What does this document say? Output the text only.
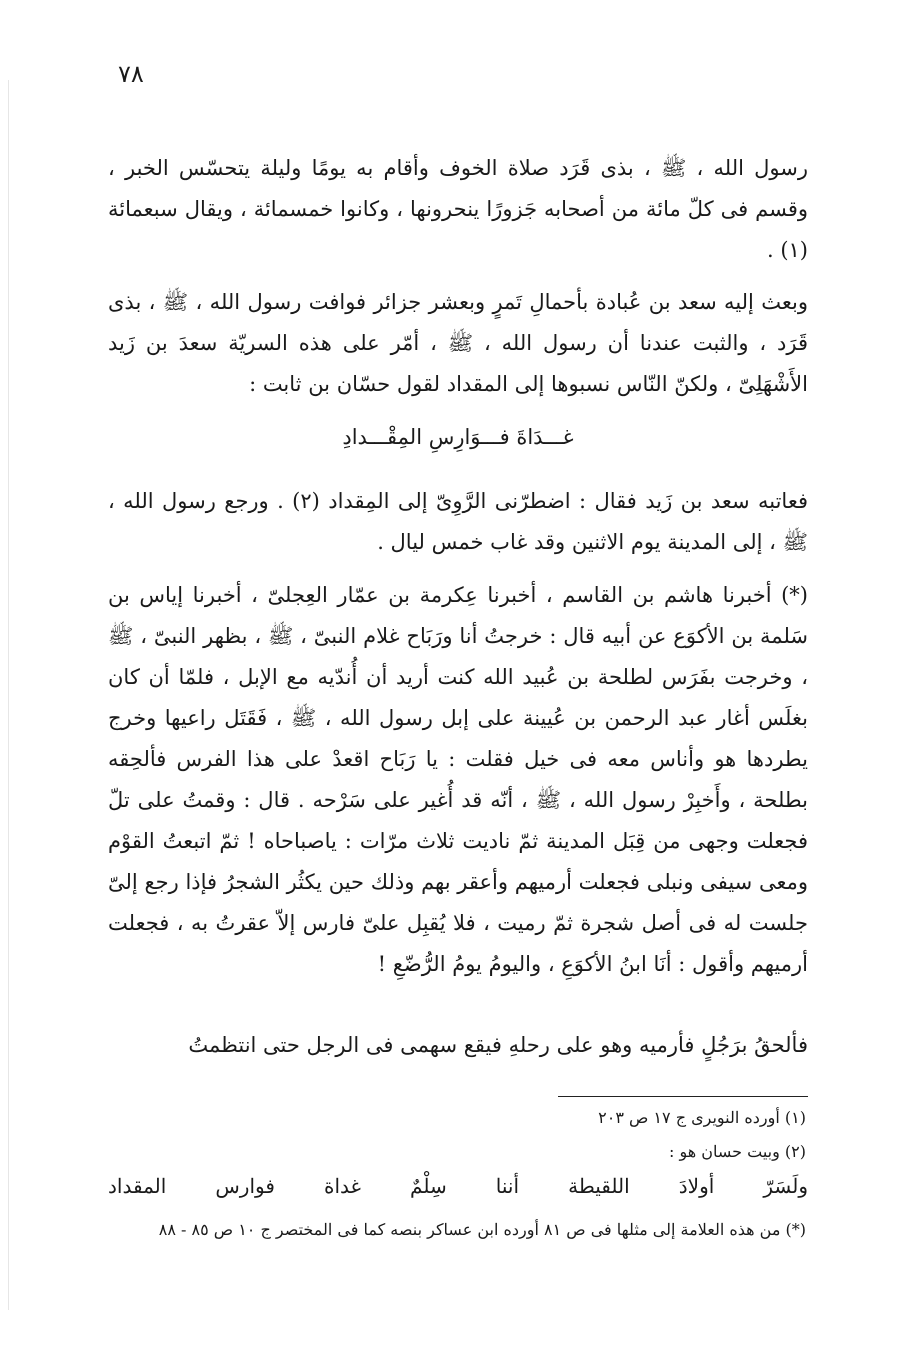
٧٨

رسول الله ، ﷺ ، بذى قَرَد صلاة الخوف وأقام به يومًا وليلة يتحسّس الخبر ، وقسم فى كلّ مائة من أصحابه جَزورًا ينحرونها ، وكانوا خمسمائة ، ويقال سبعمائة (١) .

وبعث إليه سعد بن عُبادة بأحمالِ تَمرٍ وبعشر جزائر فوافت رسول الله ، ﷺ ، بذى قَرَد ، والثبت عندنا أن رسول الله ، ﷺ ، أمّر على هذه السريّة سعدَ بن زَيد الأَشْهَلِىّ ، ولكنّ النّاس نسبوها إلى المقداد لقول حسّان بن ثابت :

غـــدَاةَ فـــوَارِسِ المِقْـــدادِ

فعاتبه سعد بن زَيد فقال : اضطرّنى الرَّوِىّ إلى المِقداد (٢) . ورجع رسول الله ، ﷺ ، إلى المدينة يوم الاثنين وقد غاب خمس ليال .

(*) أخبرنا هاشم بن القاسم ، أخبرنا عِكرمة بن عمّار العِجلىّ ، أخبرنا إياس بن سَلمة بن الأكوَع عن أبيه قال : خرجتُ أنا ورَبَاح غلام النبىّ ، ﷺ ، بظهر النبىّ ، ﷺ ، وخرجت بفَرَس لطلحة بن عُبيد الله كنت أريد أن أُندّيه مع الإبل ، فلمّا أن كان بغلَس أغار عبد الرحمن بن عُيينة على إبل رسول الله ، ﷺ ، فَقَتَل راعيها وخرج يطردها هو وأناس معه فى خيل فقلت : يا رَبَاح اقعدْ على هذا الفرس فألحِقه بطلحة ، وأَخبِرْ رسول الله ، ﷺ ، أنّه قد أُغير على سَرْحه . قال : وقمتُ على تلّ فجعلت وجهى من قِبَل المدينة ثمّ ناديت ثلاث مرّات : ياصباحاه ! ثمّ اتبعتُ القوْم ومعى سيفى ونبلى فجعلت أرميهم وأعقر بهم وذلك حين يكثُر الشجرُ فإذا رجع إلىّ جلست له فى أصل شجرة ثمّ رميت ، فلا يُقبِل علىّ فارس إلاّ عقرتُ به ، فجعلت أرميهم وأقول : أنَا ابنُ الأكوَعِ ، واليومُ يومُ الرُّضّعِ !

فألحقُ برَجُلٍ فأرميه وهو على رحلهِ فيقع سهمى فى الرجل حتى انتظمتُ

(١) أورده النويرى ج ١٧ ص ٢٠٣
(٢) وبيت حسان هو :
ولَسَرّ أولادَ اللقيطة أننا سِلْمٌ غداة فوارس المقداد
(*) من هذه العلامة إلى مثلها فى ص ٨١ أورده ابن عساكر بنصه كما فى المختصر ج ١٠ ص ٨٥ - ٨٨
